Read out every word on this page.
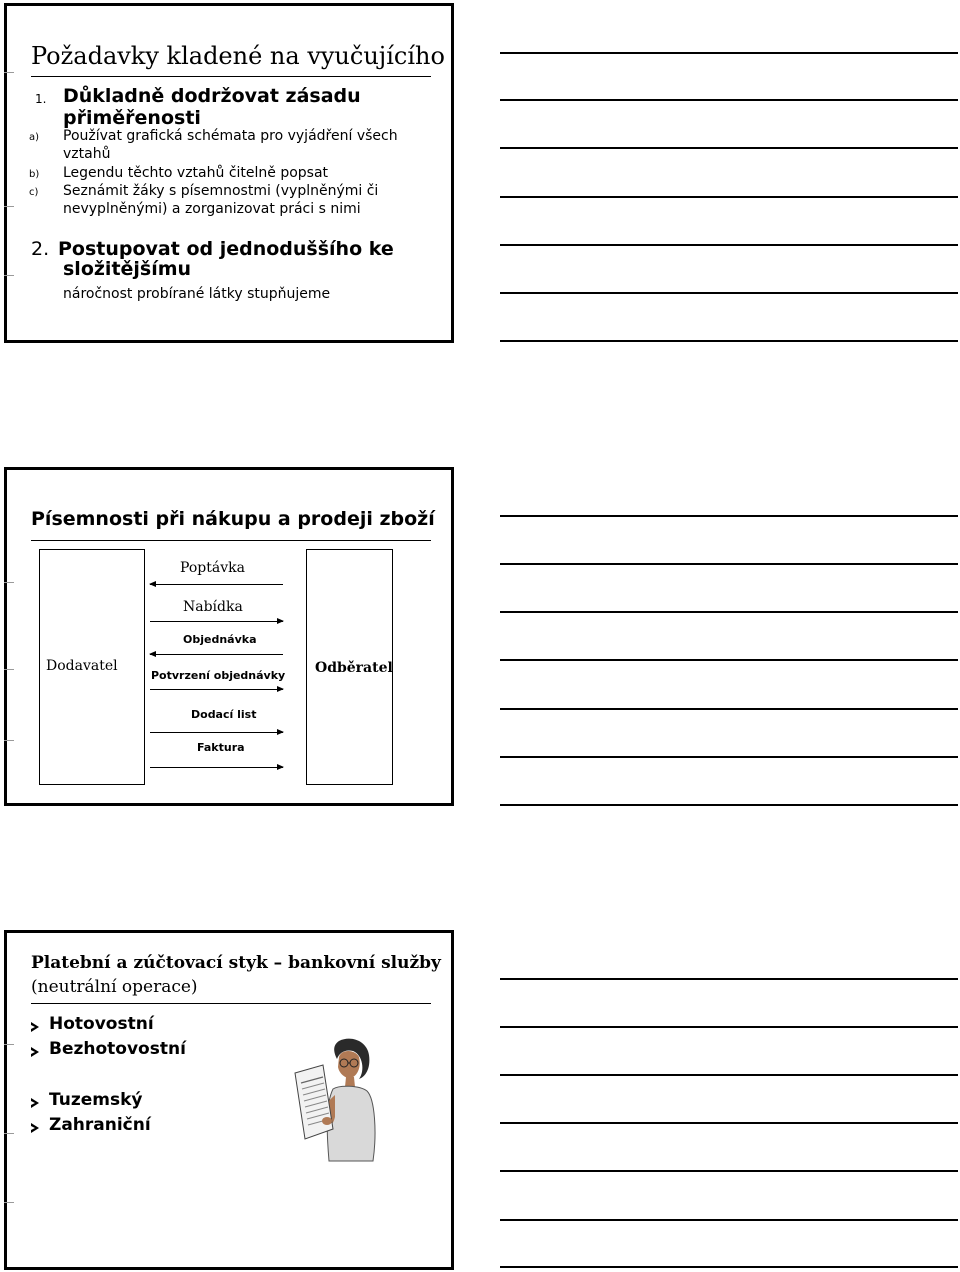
Požadavky kladené na vyučujícího
1. Důkladně dodržovat zásadu
přiměřenosti
a) Používat grafická schémata pro vyjádření všech
vztahů
b) Legendu těchto vztahů čitelně popsat
c) Seznámit žáky s písemnostmi (vyplněnými či
nevyplněnými) a zorganizovat práci s nimi
2. Postupovat od jednoduššího ke
složitějšímu
náročnost probírané látky stupňujeme
Písemnosti při nákupu a prodeji zboží
Dodavatel	Odběratel
Poptávka
Nabídka
Objednávka
Potvrzení objednávky
Dodací list
Faktura
Platební a zúčtovací styk – bankovní služby
(neutrální operace)
Hotovostní
Bezhotovostní
Tuzemský
Zahraniční
